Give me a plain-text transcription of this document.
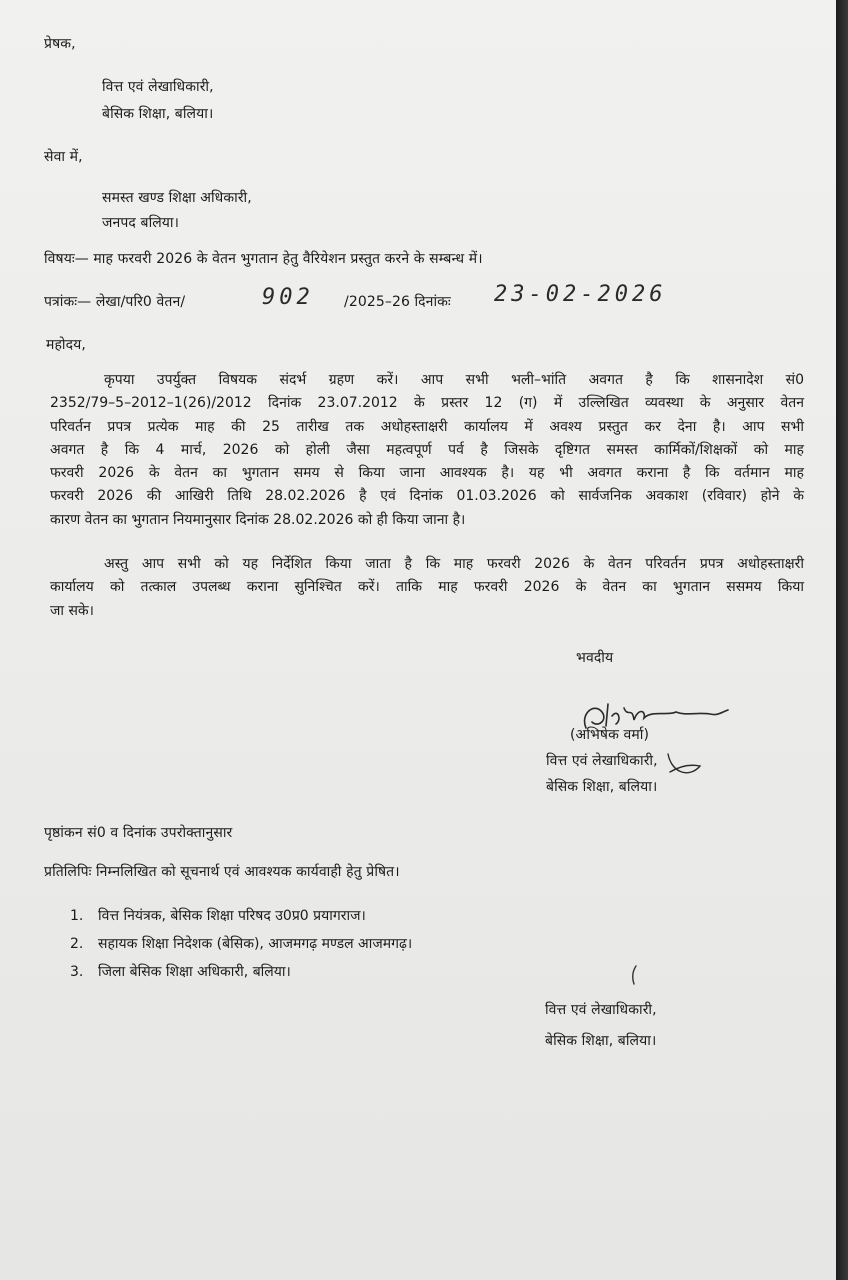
प्रेषक,
वित्त एवं लेखाधिकारी,
बेसिक शिक्षा, बलिया।
सेवा में,
समस्त खण्ड शिक्षा अधिकारी,
जनपद बलिया।
विषयः— माह फरवरी 2026 के वेतन भुगतान हेतु वैरियेशन प्रस्तुत करने के सम्बन्ध में।
पत्रांकः— लेखा/परि0 वेतन/	902 /2025–26 दिनांकः 23-02-2026
महोदय,
कृपया उपर्युक्त विषयक संदर्भ ग्रहण करें। आप सभी भली–भांति अवगत है कि शासनादेश सं0
2352/79–5–2012–1(26)/2012 दिनांक 23.07.2012 के प्रस्तर 12 (ग) में उल्लिखित व्यवस्था के अनुसार वेतन
परिवर्तन प्रपत्र प्रत्येक माह की 25 तारीख तक अधोहस्ताक्षरी कार्यालय में अवश्य प्रस्तुत कर देना है। आप सभी
अवगत है कि 4 मार्च, 2026 को होली जैसा महत्वपूर्ण पर्व है जिसके दृष्टिगत समस्त कार्मिकों/शिक्षकों को माह
फरवरी 2026 के वेतन का भुगतान समय से किया जाना आवश्यक है। यह भी अवगत कराना है कि वर्तमान माह
फरवरी 2026 की आखिरी तिथि 28.02.2026 है एवं दिनांक 01.03.2026 को सार्वजनिक अवकाश (रविवार) होने के
कारण वेतन का भुगतान नियमानुसार दिनांक 28.02.2026 को ही किया जाना है।
अस्तु आप सभी को यह निर्देशित किया जाता है कि माह फरवरी 2026 के वेतन परिवर्तन प्रपत्र अधोहस्ताक्षरी
कार्यालय को तत्काल उपलब्ध कराना सुनिश्चित करें। ताकि माह फरवरी 2026 के वेतन का भुगतान ससमय किया
जा सके।
भवदीय
(अभिषेक वर्मा)
वित्त एवं लेखाधिकारी,
बेसिक शिक्षा, बलिया।
पृष्ठांकन सं0 व दिनांक उपरोक्तानुसार
प्रतिलिपिः निम्नलिखित को सूचनार्थ एवं आवश्यक कार्यवाही हेतु प्रेषित।
1. वित्त नियंत्रक, बेसिक शिक्षा परिषद उ0प्र0 प्रयागराज।
2. सहायक शिक्षा निदेशक (बेसिक), आजमगढ़ मण्डल आजमगढ़।
3. जिला बेसिक शिक्षा अधिकारी, बलिया।
वित्त एवं लेखाधिकारी,
बेसिक शिक्षा, बलिया।
